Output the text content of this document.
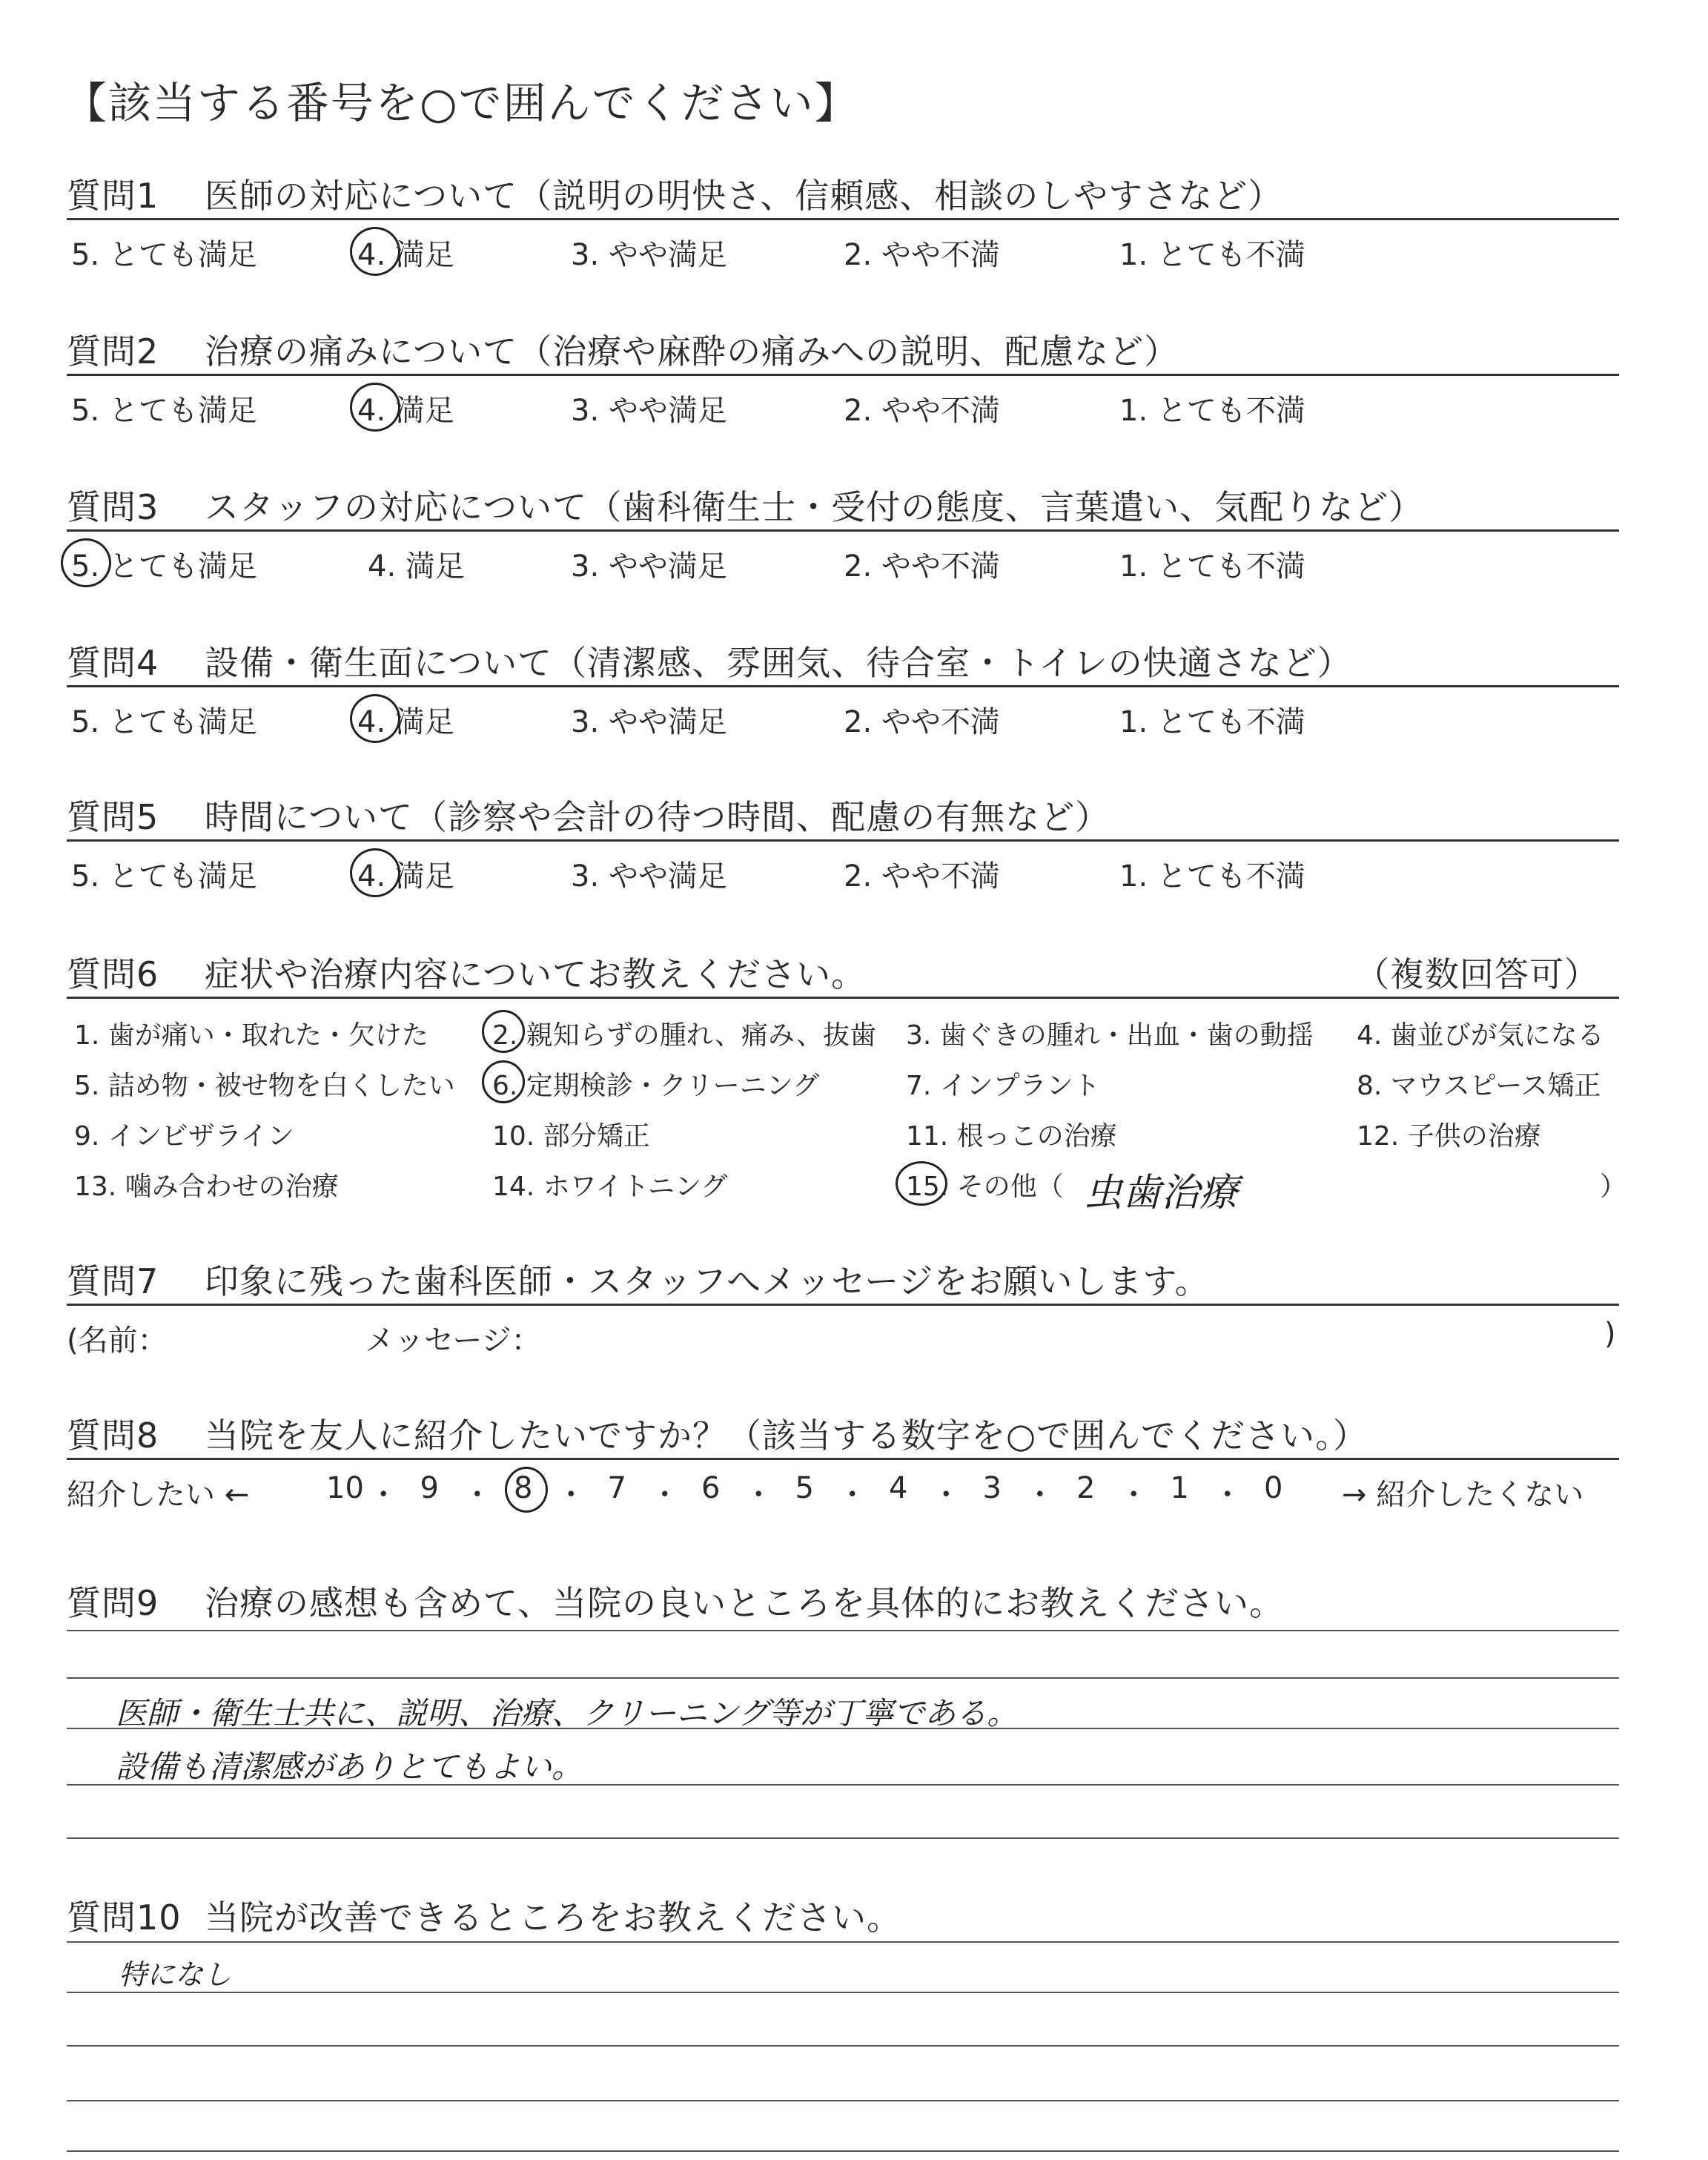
【該当する番号を○で囲んでください】
質問1 医師の対応について（説明の明快さ、信頼感、相談のしやすさなど）
5. とても満足	4. 満足	3. やや満足	2. やや不満	1. とても不満
質問2 治療の痛みについて（治療や麻酔の痛みへの説明、配慮など）
5. とても満足	4. 満足	3. やや満足	2. やや不満	1. とても不満
質問3 スタッフの対応について（歯科衛生士・受付の態度、言葉遣い、気配りなど）
5. とても満足	4. 満足	3. やや満足	2. やや不満	1. とても不満
質問4 設備・衛生面について（清潔感、雰囲気、待合室・トイレの快適さなど）
5. とても満足	4. 満足	3. やや満足	2. やや不満	1. とても不満
質問5 時間について（診察や会計の待つ時間、配慮の有無など）
5. とても満足	4. 満足	3. やや満足	2. やや不満	1. とても不満
質問6 症状や治療内容についてお教えください。	（複数回答可）
1. 歯が痛い・取れた・欠けた 2. 親知らずの腫れ、痛み、抜歯 3. 歯ぐきの腫れ・出血・歯の動揺 4. 歯並びが気になる
5. 詰め物・被せ物を白くしたい 6. 定期検診・クリーニング	7. インプラント	8. マウスピース矯正
9. インビザライン	10. 部分矯正	11. 根っこの治療	12. 子供の治療
13. 噛み合わせの治療	14. ホワイトニング	15. その他（ 虫歯治療	）
質問7 印象に残った歯科医師・スタッフへメッセージをお願いします。
(名前：	メッセージ：	)
質問8 当院を友人に紹介したいですか？（該当する数字を○で囲んでください。）
紹介したい ←	→ 紹介したくない
質問9 治療の感想も含めて、当院の良いところを具体的にお教えください。
医師・衛生士共に、説明、治療、クリーニング等が丁寧である。
設備も清潔感がありとてもよい。
質問10 当院が改善できるところをお教えください。
特になし
10 ・ 9 ・ 8 ・ 7 ・ 6 ・ 5 ・ 4 ・ 3 ・ 2 ・ 1 ・ 0
